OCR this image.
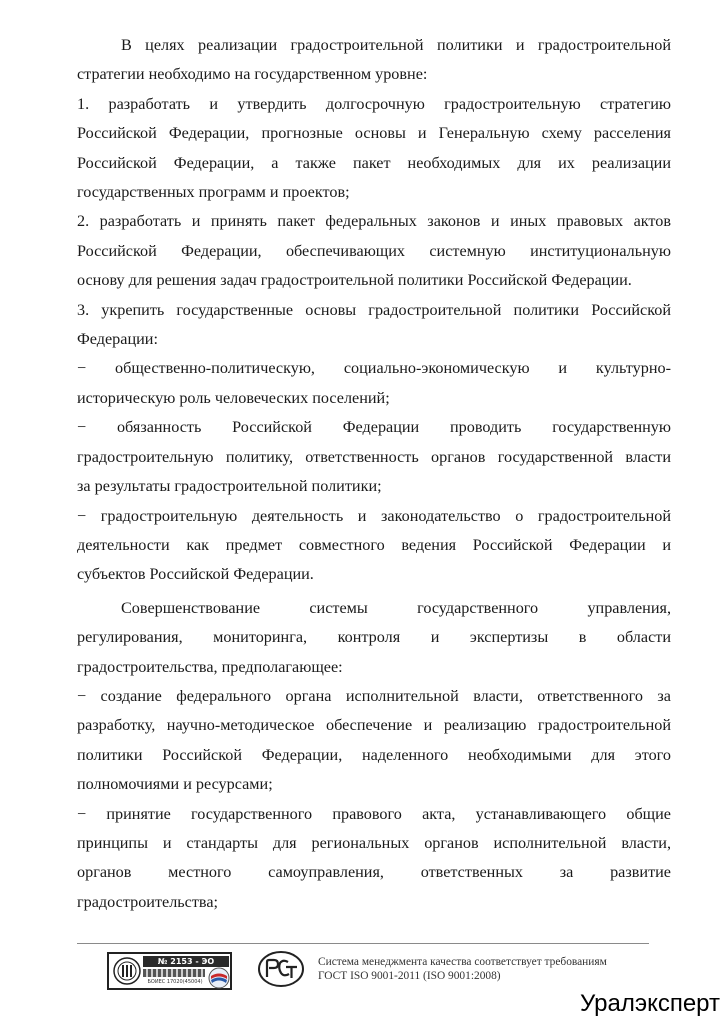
В целях реализации градостроительной политики и градостроительной

стратегии необходимо на государственном уровне:

1. разработать и утвердить долгосрочную градостроительную стратегию

Российской Федерации, прогнозные основы и Генеральную схему расселения

Российской Федерации, а также пакет необходимых для их реализации

государственных программ и проектов;

2. разработать и принять пакет федеральных законов и иных правовых актов

Российской Федерации, обеспечивающих системную институциональную

основу для решения задач градостроительной политики Российской Федерации.

3. укрепить государственные основы градостроительной политики Российской

Федерации:

− общественно-политическую, социально-экономическую и культурно-

историческую роль человеческих поселений;

− обязанность Российской Федерации проводить государственную

градостроительную политику, ответственность органов государственной власти

за результаты градостроительной политики;

− градостроительную деятельность и законодательство о градостроительной

деятельности как предмет совместного ведения Российской Федерации и

субъектов Российской Федерации.

Совершенствование системы государственного управления,

регулирования, мониторинга, контроля и экспертизы в области

градостроительства, предполагающее:

− создание федерального органа исполнительной власти, ответственного за

разработку, научно-методическое обеспечение и реализацию градостроительной

политики Российской Федерации, наделенного необходимыми для этого

полномочиями и ресурсами;

− принятие государственного правового акта, устанавливающего общие

принципы и стандарты для региональных органов исполнительной власти,

органов местного самоуправления, ответственных за развитие

градостроительства;

№ 2153 - ЭО
БОИЕС 17020(45004)
Система менеджмента качества соответствует требованиям
ГОСТ ISO 9001-2011 (ISO 9001:2008)
Уралэксперт
